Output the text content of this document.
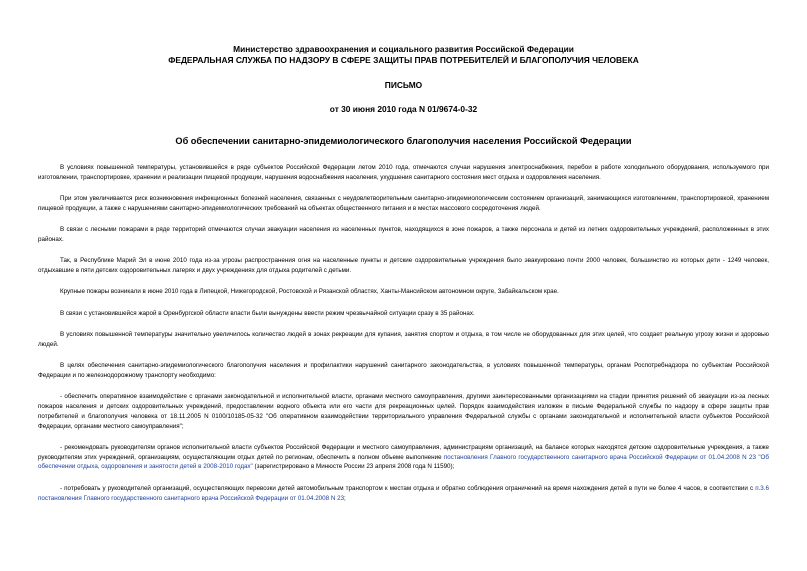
Министерство здравоохранения и социального развития Российской Федерации
ФЕДЕРАЛЬНАЯ СЛУЖБА ПО НАДЗОРУ В СФЕРЕ ЗАЩИТЫ ПРАВ ПОТРЕБИТЕЛЕЙ И БЛАГОПОЛУЧИЯ ЧЕЛОВЕКА
ПИСЬМО
от 30 июня 2010 года N 01/9674-0-32
Об обеспечении санитарно-эпидемиологического благополучия населения Российской Федерации

В условиях повышенной температуры, установившейся в ряде субъектов Российской Федерации летом 2010 года, отмечаются случаи нарушения электроснабжения, перебои в работе холодильного оборудования, используемого при изготовлении, транспортировке, хранении и реализации пищевой продукции, нарушения водоснабжения населения, ухудшения санитарного состояния мест отдыха и оздоровления населения.

При этом увеличивается риск возникновения инфекционных болезней населения, связанных с неудовлетворительным санитарно-эпидемиологическим состоянием организаций, занимающихся изготовлением, транспортировкой, хранением пищевой продукции, а также с нарушениями санитарно-эпидемиологических требований на объектах общественного питания и в местах массового сосредоточения людей.

В связи с лесными пожарами в ряде территорий отмечаются случаи эвакуации населения из населенных пунктов, находящихся в зоне пожаров, а также персонала и детей из летних оздоровительных учреждений, расположенных в этих районах.

Так, в Республике Марий Эл в июне 2010 года из-за угрозы распространения огня на населенные пункты и детские оздоровительные учреждения было эвакуировано почти 2000 человек, большинство из которых дети - 1249 человек, отдыхавшие в пяти детских оздоровительных лагерях и двух учреждениях для отдыха родителей с детьми.

Крупные пожары возникали в июне 2010 года в Липецкой, Нижегородской, Ростовской и Рязанской областях, Ханты-Мансийском автономном округе, Забайкальском крае.

В связи с установившейся жарой в Оренбургской области власти были вынуждены ввести режим чрезвычайной ситуации сразу в 35 районах.

В условиях повышенной температуры значительно увеличилось количество людей в зонах рекреации для купания, занятия спортом и отдыха, в том числе не оборудованных для этих целей, что создает реальную угрозу жизни и здоровью людей.

В целях обеспечения санитарно-эпидемиологического благополучия населения и профилактики нарушений санитарного законодательства, в условиях повышенной температуры, органам Роспотребнадзора по субъектам Российской Федерации и по железнодорожному транспорту необходимо:

- обеспечить оперативное взаимодействие с органами законодательной и исполнительной власти, органами местного самоуправления, другими заинтересованными организациями на стадии принятия решений об эвакуации из-за лесных пожаров населения и детских оздоровительных учреждений, предоставлении водного объекта или его части для рекреационных целей. Порядок взаимодействия изложен в письме Федеральной службы по надзору в сфере защиты прав потребителей и благополучия человека от 18.11.2005 N 0100/10185-05-32 "Об оперативном взаимодействии территориального управления Федеральной службы с органами законодательной и исполнительной власти субъектов Российской Федерации, органами местного самоуправления";

- рекомендовать руководителям органов исполнительной власти субъектов Российской Федерации и местного самоуправления, администрациям организаций, на балансе которых находятся детские оздоровительные учреждения, а также руководителям этих учреждений, организациям, осуществляющим отдых детей по регионам, обеспечить в полном объеме выполнение постановления Главного государственного санитарного врача Российской Федерации от 01.04.2008 N 23 "Об обеспечении отдыха, оздоровления и занятости детей в 2008-2010 годах" (зарегистрировано в Минюсте России 23 апреля 2008 года N 11590);

- потребовать у руководителей организаций, осуществляющих перевозки детей автомобильным транспортом к местам отдыха и обратно соблюдения ограничений на время нахождения детей в пути не более 4 часов, в соответствии с п.3.6 постановления Главного государственного санитарного врача Российской Федерации от 01.04.2008 N 23;
